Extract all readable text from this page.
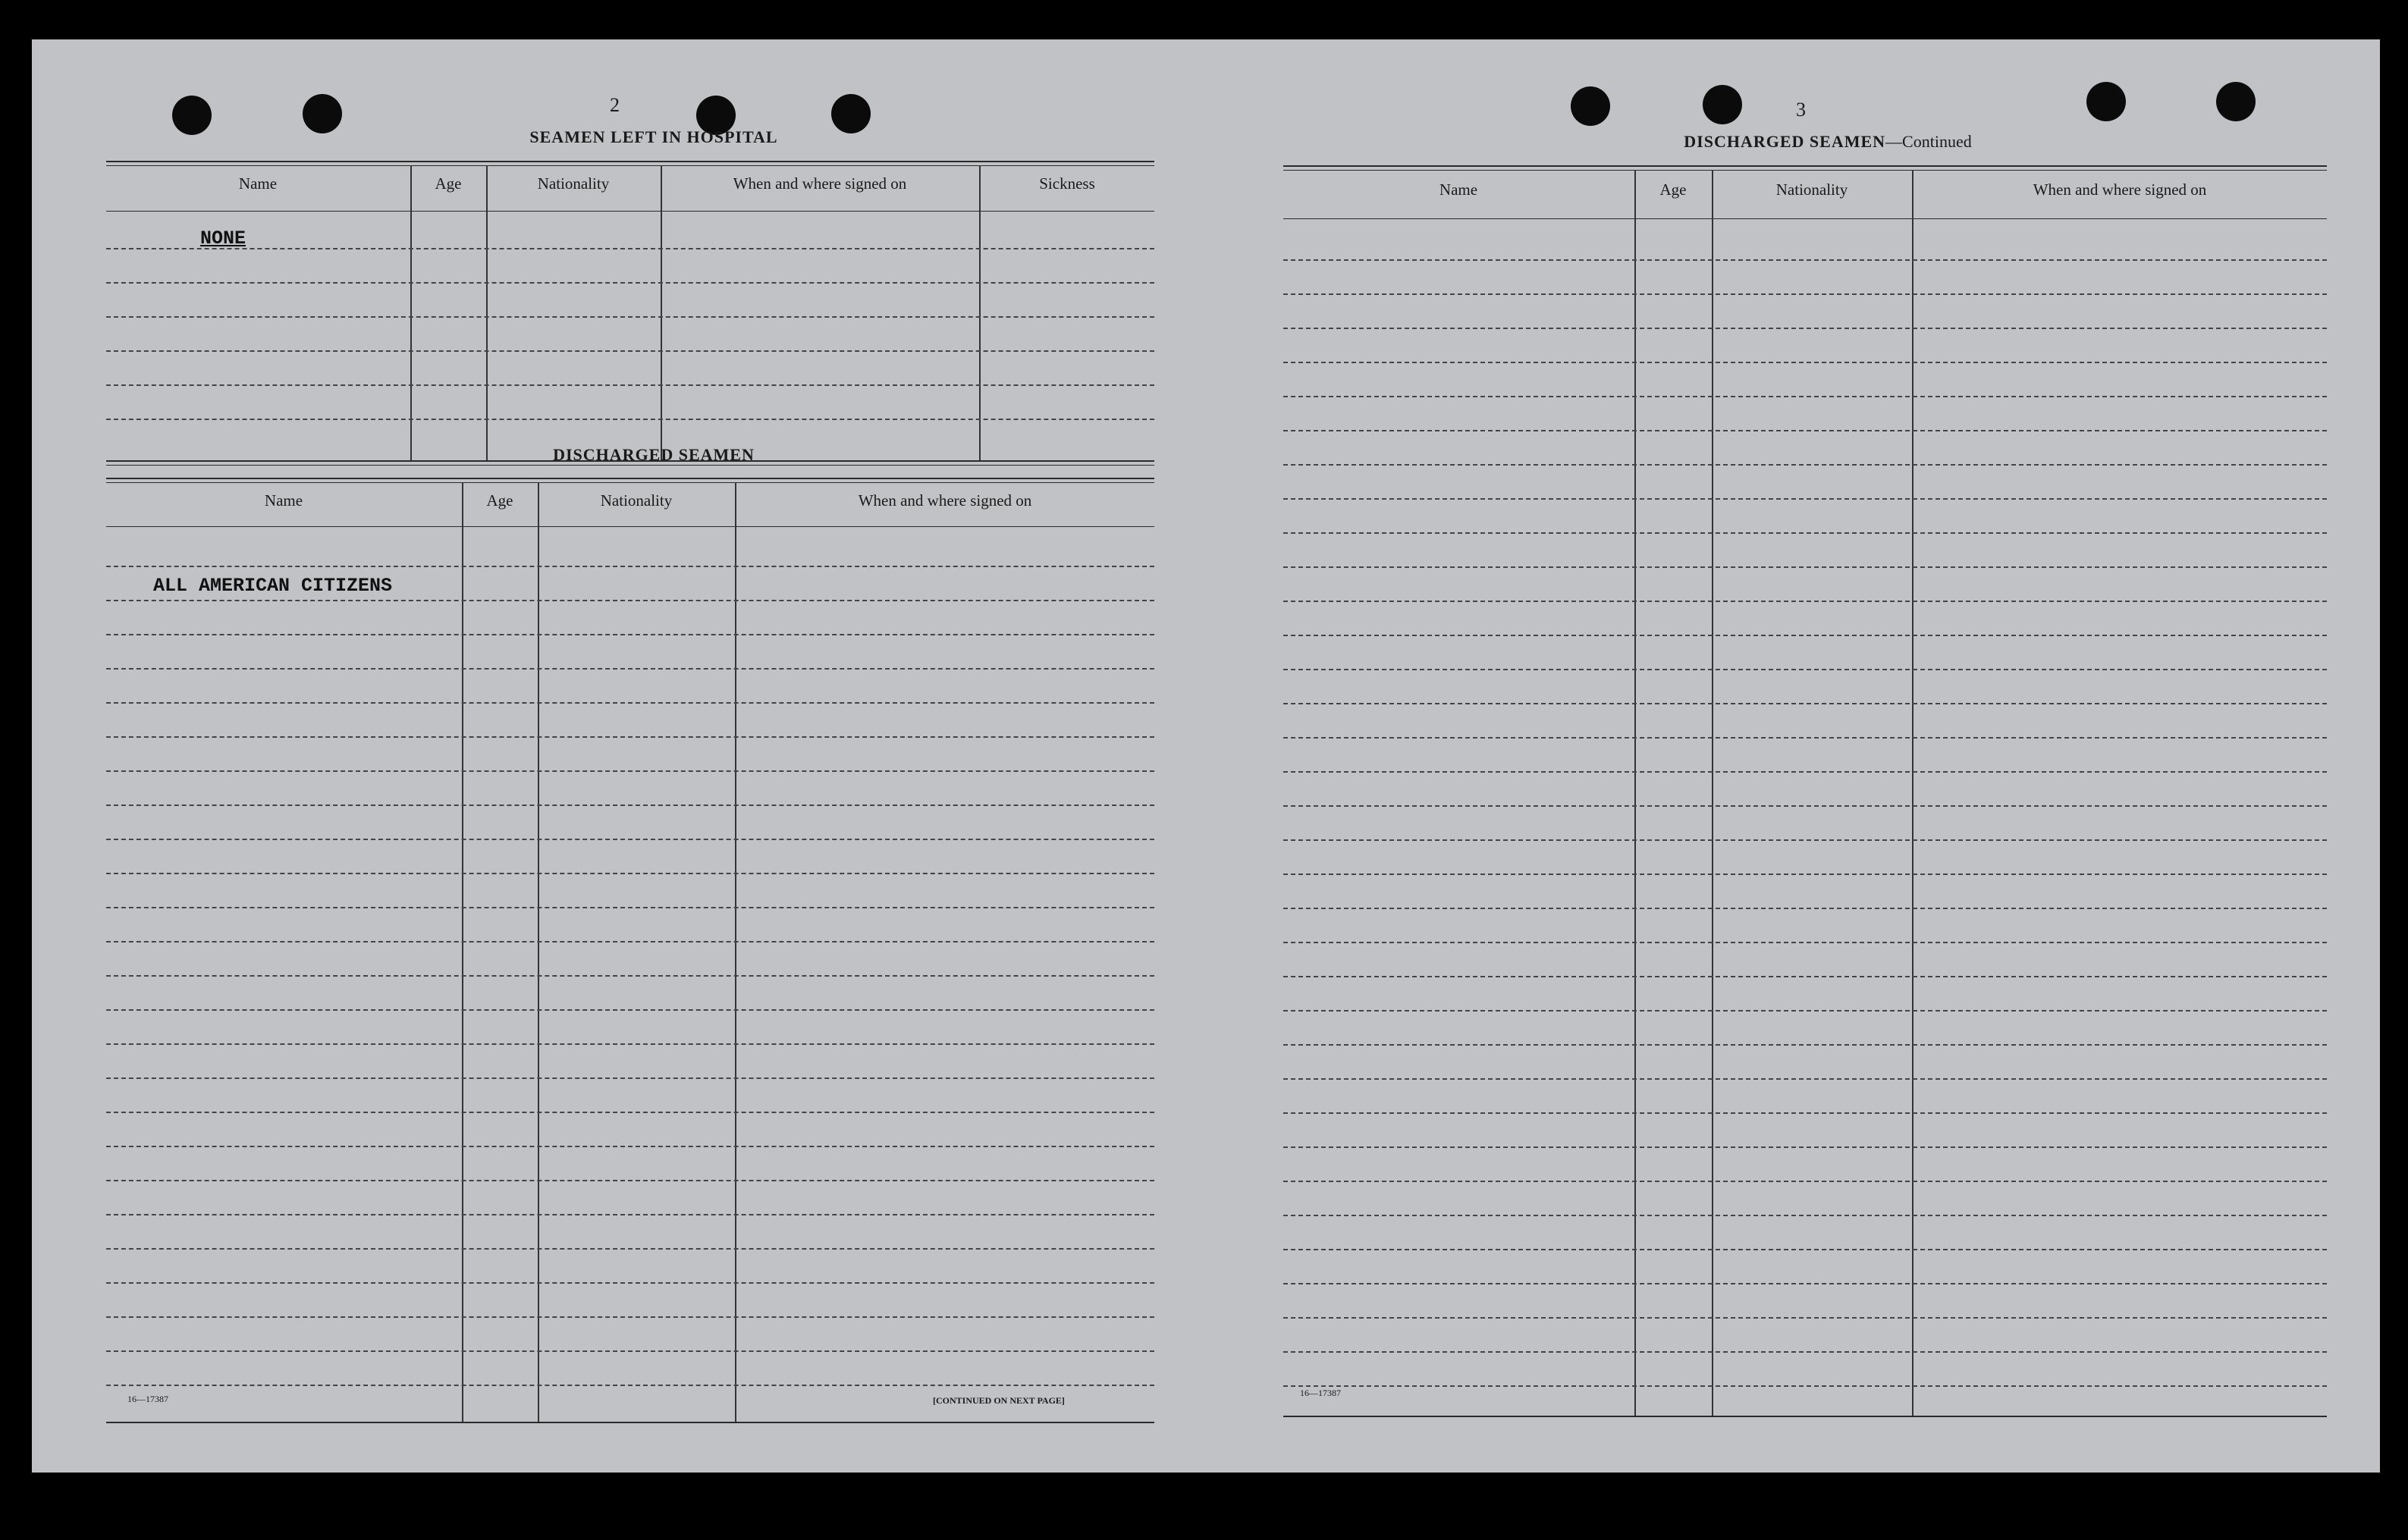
2
SEAMEN LEFT IN HOSPITAL
Name	Age	Nationality	When and where signed on	Sickness
NONE
DISCHARGED SEAMEN
Name	Age	Nationality	When and where signed on
ALL AMERICAN CITIZENS
16—17387	[CONTINUED ON NEXT PAGE]
3
DISCHARGED SEAMEN—Continued
Name	Age	Nationality	When and where signed on
16—17387
